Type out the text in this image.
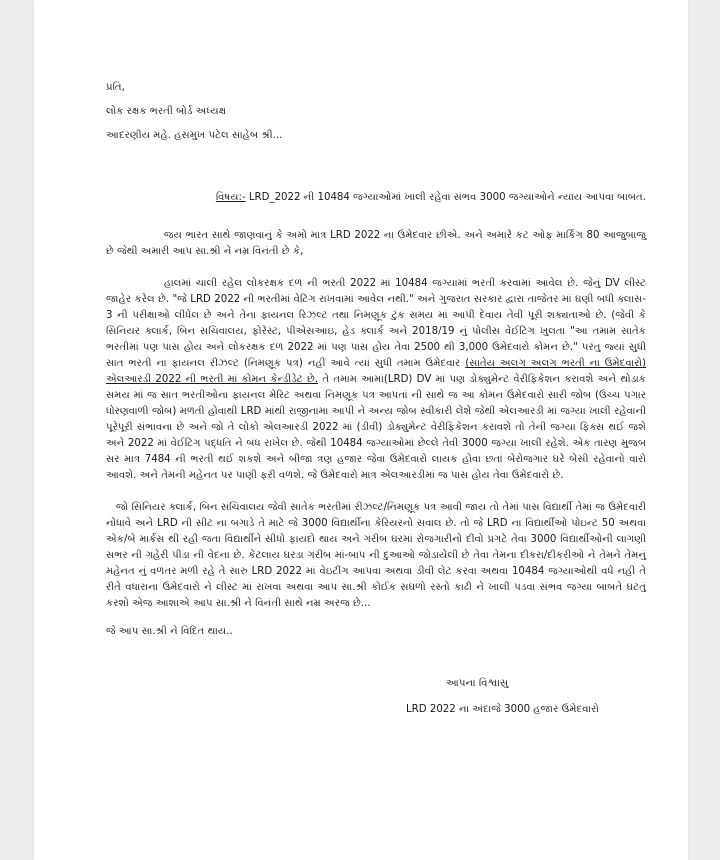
પ્રતિ,

લોક રક્ષક ભરતી બોર્ડ અધ્યક્ષ

આદરણીય મહે. હસમુખ પટેલ સાહેબ શ્રી...

વિષય:- LRD_2022 ની 10484 જગ્યાઓમાં ખાલી રહેવા સંભવ 3000 જગ્યાઓને ન્યાય આપવા બાબત.

જય ભારત સાથે જાણવાનું કે અમો માત્ર LRD 2022 ના ઉમેદવાર છીએ. અને અમારે કટ ઓફ માર્કિંગ 80 આજુબાજુ છે જેથી અમારી આપ સા.શ્રી ને નમ્ર વિનંતી છે કે,

હાલમાં ચાલી રહેલ લોકરક્ષક દળ ની ભરતી 2022 માં 10484 જગ્યામાં ભરતી કરવામાં આવેલ છે. જેનું DV લીસ્ટ જાહેર કરેલ છે. "જે LRD 2022 ની ભરતીમાં વેટિંગ રાખવામાં આવેલ નથી." અને ગુજરાત સરકાર દ્વારા તાજેતર માં ઘણી બધી ક્લાસ- 3 ની પરીક્ષાઓ લીધેલ છે અને તેના ફાયનલ રિઝલ્ટ તથા નિમણૂક ટુંક સમય માં આપી દેવાય તેવી પૂરી શક્યતાઓ છે. (જેવી કે સિનિયર ક્લાર્ક, બિન સચિવાલય, ફોરેસ્ટ, પીએસઆઇ, હેડ ક્લાર્ક અને 2018/19 નું પોલીસ વેઈટિંગ ખુલતા "આ તમામ સાતેક ભરતીમાં પણ પાસ હોય અને લોકરક્ષક દળ 2022 માં પણ પાસ હોય તેવા 2500 થી 3,000 ઉમેદવારો કોમન છે." પરંતુ જ્યાં સુધી સાત ભરતી ના ફાયનલ રીઝલ્ટ (નિમણૂક પત્ર) નહીં આવે ત્યાં સુધી તમામ ઉમેદવાર (સાતેય અલગ અલગ ભરતી ના ઉમેદવારો) એલઆરડી 2022 ની ભરતી માં કોમન કેન્ડીડેટ છે. તે તમામ આમાં(LRD) DV માં પણ ડોક્યુમેન્ટ વેરીફિકેશન કરાવશે અને થોડાક સમય માં જ સાત ભરતીઓના ફાયનલ મેરિટ અથવા નિમણૂક પત્ર આપતાં ની સાથે જ આ કોમન ઉમેદવારો સારી જોબ (ઉચ્ચ પગાર ધોરણવાળી જોબ) મળતી હોવાથી LRD માંથી રાજીનામા આપી ને અન્ય જોબ સ્વીકારી લેશે જેથી એલઆરડી માં જગ્યા ખાલી રહેવાની પૂરેપૂરી સંભાવના છે અને જો તે લોકો એલઆરડી 2022 માં (ડીવી) ડોક્યુમેન્ટ વેરીફિકેશન કરાવશે તો તેની જગ્યા ફિક્સ થઈ જશે અને 2022 માં વેઈટિંગ પદ્ધતિ ને બંધ રાખેલ છે. જેથી 10484 જગ્યાઓમાં છેલ્લે તેવી 3000 જગ્યા ખાલી રહેશે. એક તારણ મુજબ સર માત્ર 7484 ની ભરતી થઈ શકશે અને બીજા ત્રણ હજાર જેવા ઉમેદવારો લાયક હોવા છતાં બેરોજગાર ઘરે બેસી રહેવાનો વારો આવશે. અને તેમની મહેનત પર પાણી ફરી વળશે. જે ઉમેદવારો માત્ર એલઆરડીમાં જ પાસ હોય તેવા ઉમેદવારો છે.

જો સિનિયર ક્લાર્ક, બિન સચિવાલય જેવી સાતેક ભરતીમાં રીઝલ્ટ/નિમણૂક પત્ર આવી જાય તો તેમાં પાસ વિદ્યાર્થી તેમાં જ ઉમેદવારી નોંધાવે અને LRD ની સીટ ના બગાડે તે માટે જે 3000 વિદ્યાર્થીના કેરિયરનો સવાલ છે. તો જે LRD ના વિદ્યાર્થીઓ પોઇન્ટ 50 અથવા એક/બે માર્કસ થી રહી જતા વિદ્યાર્થીને સીધો ફાયદો થાય અને ગરીબ ઘરમાં રોજગારીનો દીવો પ્રગટે તેવા 3000 વિદ્યાર્થીઓની લાગણી સભર ની ગહેરી પીડા ની વેદના છે. કેટલાય ઘરડા ગરીબ માં-બાપ ની દુઆઓ જોડાયેલી છે તેવા તેમના દીકરા/દીકરીઓ ને તેમને તેમનું મહેનત નું વળતર મળી રહે તે સારુ LRD 2022 માં વેઇટીંગ આપવા અથવા ડીવી લેટ કરવા અથવા 10484 જગ્યાઓથી વધે નહી તે રીતે વધારાના ઉમેદવારો ને લીસ્ટ માં રાખવા અથવા આપ સા.શ્રી કોઈક સઘળો રસ્તો કાઢી ને ખાલી પડવા સંભવ જગ્યા બાબતે ઘટતું કરશો એજ આશાએ આપ સા.શ્રી ને વિનંતી સાથે નમ્ર અરજ છે...

જે આપ સા.શ્રી ને વિદિત થાય..

આપના વિશ્વાસુ
LRD 2022 ના અંદાજે 3000 હજાર ઉમેદવારો
